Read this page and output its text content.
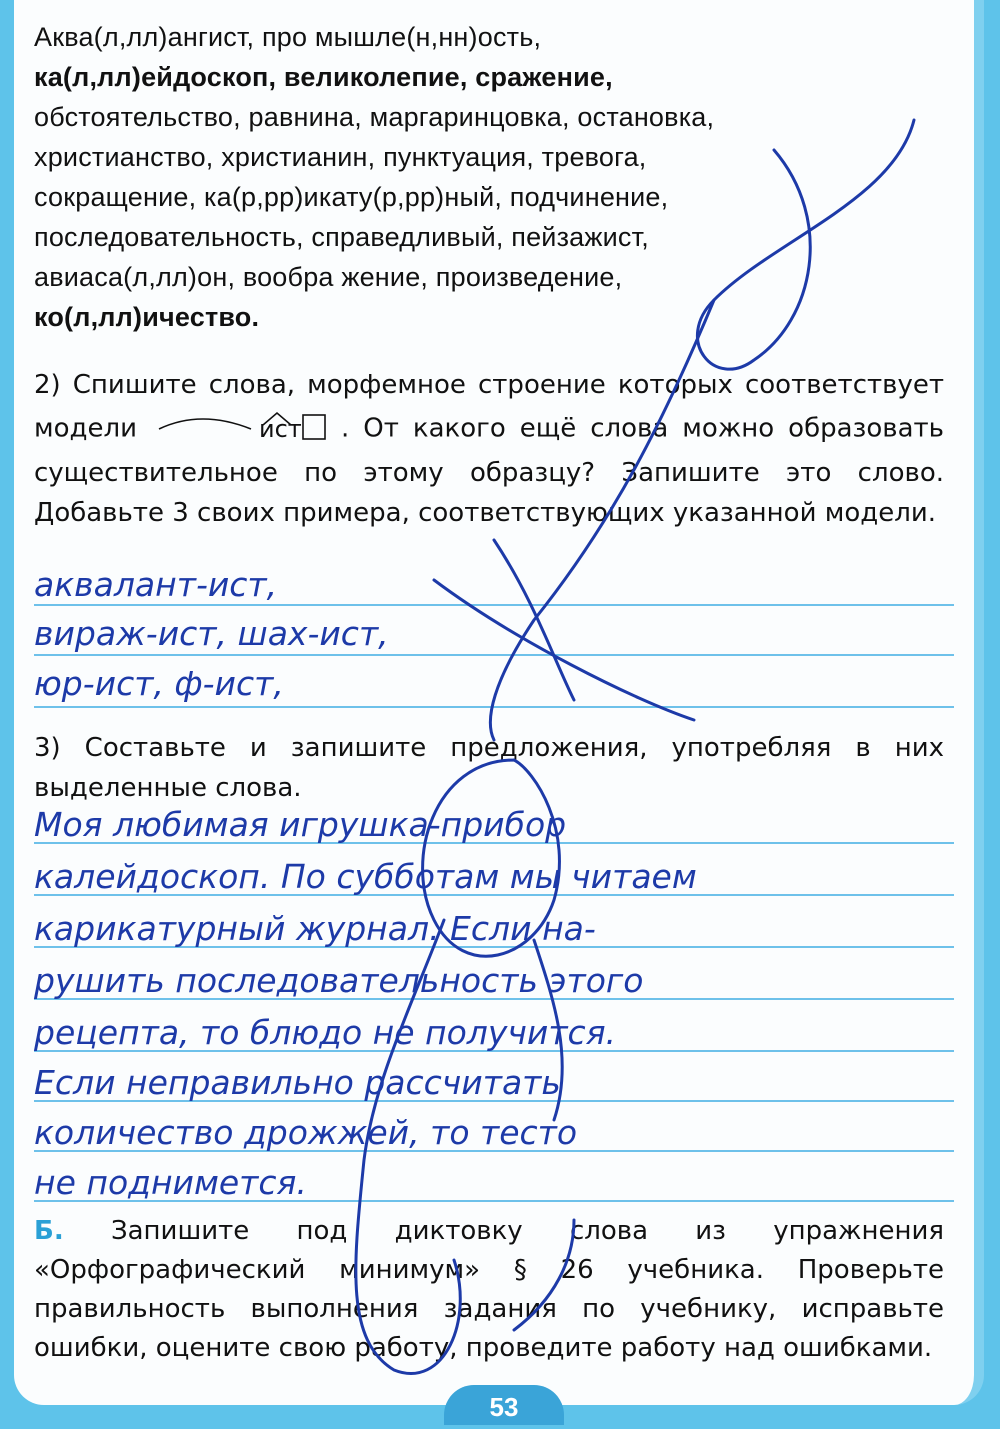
Аква(л,лл)ангист, про мышле(н,нн)ость,
ка(л,лл)ейдоскоп, великолепие, сражение,
обстоятельство, равнина, маргаринцовка, остановка,
христианство, христианин, пунктуация, тревога,
сокращение, ка(р,рр)икату(р,рр)ный, подчинение,
последовательность, справедливый, пейзажист,
авиаса(л,лл)он, вообра жение, произведение,
ко(л,лл)ичество.
2) Спишите слова, морфемное строение которых соответствует модели	ист . От какого ещё слова можно образовать существительное по этому образцу? Запишите это слово. Добавьте 3 своих примера, соответствующих указанной модели.
аквалант-ист,
вираж-ист, шах-ист,
юр-ист, ф-ист,
3) Составьте и запишите предложения, употребляя в них выделенные слова.
Моя любимая игрушка-прибор
калейдоскоп. По субботам мы читаем
карикатурный журнал. Если на-
рушить последовательность этого
рецепта, то блюдо не получится.
Если неправильно рассчитать
количество дрожжей, то тесто
не поднимется.
Б. Запишите под диктовку слова из упражнения «Орфографический минимум» § 26 учебника. Проверьте правильность выполнения задания по учебнику, исправьте ошибки, оцените свою работу, проведите работу над ошибками.
53
